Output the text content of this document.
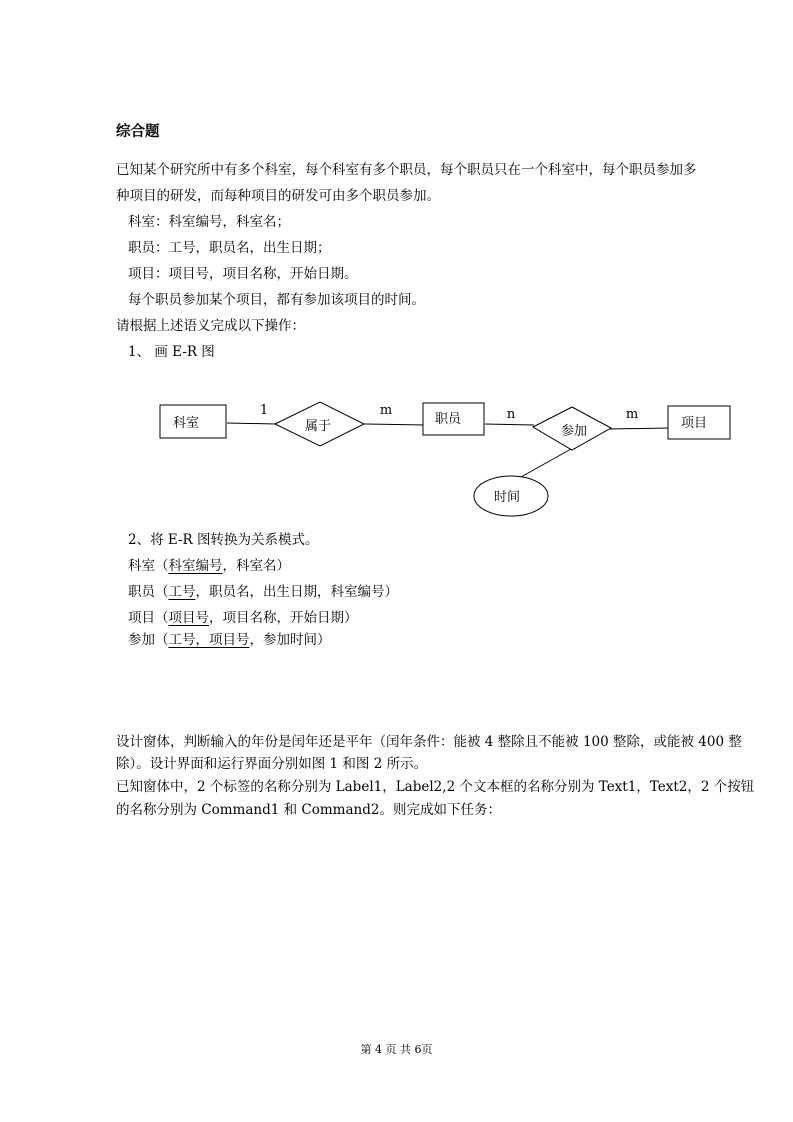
综合题
已知某个研究所中有多个科室，每个科室有多个职员，每个职员只在一个科室中，每个职员参加多
种项目的研发，而每种项目的研发可由多个职员参加。
科室：科室编号，科室名；
职员：工号，职员名，出生日期；
项目：项目号，项目名称，开始日期。
每个职员参加某个项目，都有参加该项目的时间。
请根据上述语义完成以下操作：
1、 画 E-R 图
科室	属于	职员
参加
项目
时间
1	m	n	m
2、将 E-R 图转换为关系模式。
科室（科室编号，科室名）
职员（工号，职员名，出生日期，科室编号）
项目（项目号，项目名称，开始日期）
参加（工号，项目号，参加时间）
设计窗体，判断输入的年份是闰年还是平年（闰年条件：能被 4 整除且不能被 100 整除，或能被 400 整
除）。设计界面和运行界面分别如图 1 和图 2 所示。
已知窗体中，2 个标签的名称分别为 Label1，Label2,2 个文本框的名称分别为 Text1，Text2，2 个按钮
的名称分别为 Command1 和 Command2。则完成如下任务：
第 4 页 共 6页
